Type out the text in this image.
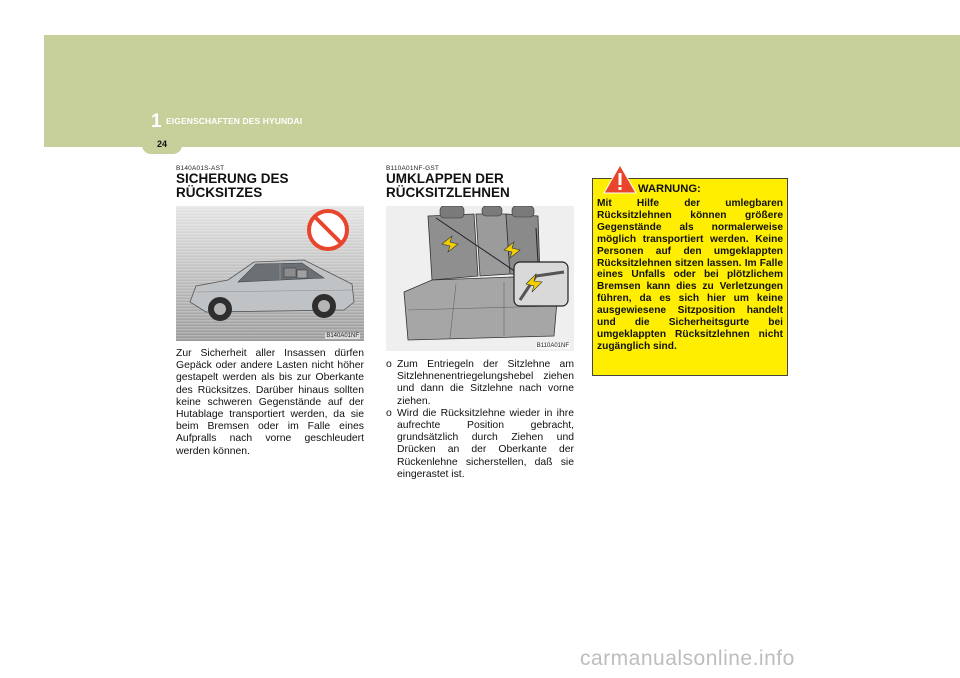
1 EIGENSCHAFTEN DES HYUNDAI
24
B140A01S-AST
SICHERUNG DES RÜCKSITZES
B140A01NF
Zur Sicherheit aller Insassen dürfen Gepäck oder andere Lasten nicht höher gestapelt werden als bis zur Oberkante des Rücksitzes. Darüber hinaus sollten keine schweren Gegenstände auf der Hutablage transportiert werden, da sie beim Bremsen oder im Falle eines Aufpralls nach vorne geschleudert werden können.
B110A01NF-GST
UMKLAPPEN DER RÜCKSITZLEHNEN
B110A01NF
o Zum Entriegeln der Sitzlehne am Sitzlehnenentriegelungshebel ziehen und dann die Sitzlehne nach vorne ziehen.
o Wird die Rücksitzlehne wieder in ihre aufrechte Position gebracht, grundsätzlich durch Ziehen und Drücken an der Oberkante der Rückenlehne sicherstellen, daß sie eingerastet ist.
WARNUNG:
Mit Hilfe der umlegbaren Rücksitzlehnen können größere Gegenstände als normalerweise möglich transportiert werden. Keine Personen auf den umgeklappten Rücksitzlehnen sitzen lassen. Im Falle eines Unfalls oder bei plötzlichem Bremsen kann dies zu Verletzungen führen, da es sich hier um keine ausgewiesene Sitzposition handelt und die Sicherheitsgurte bei umgeklappten Rücksitzlehnen nicht zugänglich sind.
carmanualsonline.info
